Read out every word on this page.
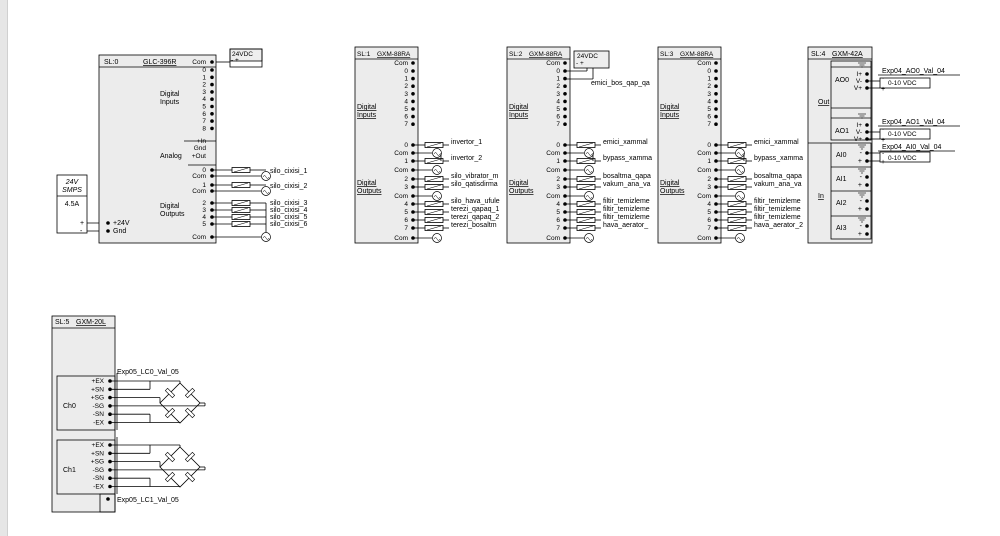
24V
SMPS
4.5A
+
-
SL:0	GLC-396R
24VDC
- +
Com
0
1
2
3
4
5
6
7
8
Digital
Inputs
+In
Gnd
+Out
Analog
0
Com
1
Com
2
3
4
5
Com
Digital
Outputs
+24V
Gnd
silo_cixisi_1
silo_cixisi_2
silo_cixisi_3
silo_cixisi_4
silo_cixisi_5
silo_cixisi_6
SL:1 GXM-88RA
Com
0
1
2
3
4
5
6
7
Digital
Inputs
0	invertor_1
1	invertor_2
2	silo_vibrator_m
3	silo_qatisdirma
4	silo_hava_ufule
5	terezi_qapaq_1
6	terezi_qapaq_2
7	terezi_bosaltm
Com
Com
Com
Com
Digital
Outputs
SL:2 GXM-88RA
Com
0
1
2
3
4
5
6
7
Digital
Inputs
0	emici_xammal
1	bypass_xamma
2	bosaltma_qapa
3	vakum_ana_va
4	filtir_temizleme
5	filtir_temizleme
6	filtir_temizleme
7	hava_aerator_
Com
Com
Com
Com
Digital
Outputs
24VDC
- +
emici_bos_qap_qa
SL:3 GXM-88RA
Com
0
1
2
3
4
5
6
7
Digital
Inputs
0	emici_xammal
1	bypass_xamma
2	bosaltma_qapa
3	vakum_ana_va
4	filtir_temizleme
5	filtir_temizleme
6	filtir_temizleme
7	hava_aerator_2
Com
Com
Com
Com
Digital
Outputs
SL:4 GXM-42A
Out
In
AO0
I+
V-
V+
0-10 VDC
-
+
Exp04_AO0_Val_04
AO1
I+
V-
V+
0-10 VDC
-
+
Exp04_AO1_Val_04
AI0 -
+
Exp04_AI0_Val_04
0-10 VDC
-
+
AI1 -
+
AI2 -
+
AI3 -
+
SL:5 GXM-20L
Ch0
+EX
+SN
+SG
-SG
-SN
-EX
Exp05_LC0_Val_05
Ch1
+EX
+SN
+SG
-SG
-SN
-EX
Exp05_LC1_Val_05
